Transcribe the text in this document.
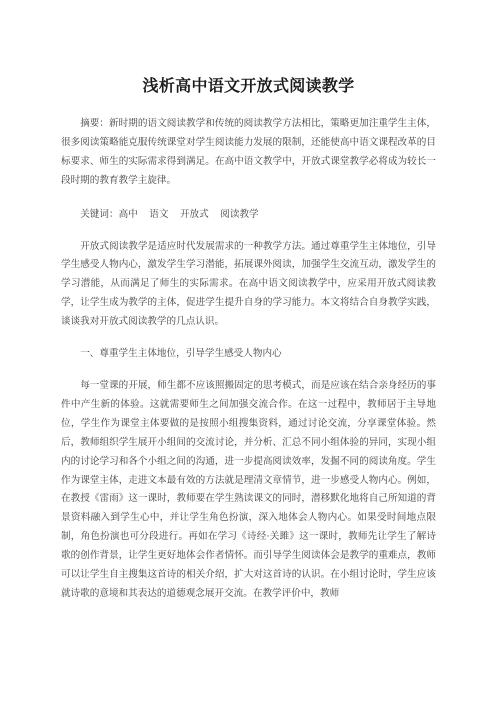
浅析高中语文开放式阅读教学

摘要：新时期的语文阅读教学和传统的阅读教学方法相比，策略更加注重学生主体，很多阅读策略能克服传统课堂对学生阅读能力发展的限制，还能使高中语文课程改革的目标要求、师生的实际需求得到满足。在高中语文教学中，开放式课堂教学必将成为较长一段时期的教育教学主旋律。

关键词：高中 语文 开放式 阅读教学

开放式阅读教学是适应时代发展需求的一种教学方法。通过尊重学生主体地位，引导学生感受人物内心，激发学生学习潜能，拓展课外阅读，加强学生交流互动，激发学生的学习潜能，从而满足了师生的实际需求。在高中语文阅读教学中，应采用开放式阅读教学，让学生成为教学的主体，促进学生提升自身的学习能力。本文将结合自身教学实践，谈谈我对开放式阅读教学的几点认识。

一、尊重学生主体地位，引导学生感受人物内心

每一堂课的开展，师生都不应该照搬固定的思考模式，而是应该在结合亲身经历的事件中产生新的体验。这就需要师生之间加强交流合作。在这一过程中，教师居于主导地位，学生作为课堂主体要做的是按照小组搜集资料，通过讨论交流，分享课堂体验。然后，教师组织学生展开小组间的交流讨论，并分析、汇总不同小组体验的异同，实现小组内的讨论学习和各个小组之间的沟通，进一步提高阅读效率，发掘不同的阅读角度。学生作为课堂主体，走进文本最有效的方法就是理清文章情节，进一步感受人物内心。例如，在教授《雷雨》这一课时，教师要在学生熟读课文的同时，潜移默化地将自己所知道的背景资料融入到学生心中，并让学生角色扮演，深入地体会人物内心。如果受时间地点限制，角色扮演也可分段进行。再如在学习《诗经·关雎》这一课时，教师先让学生了解诗歌的创作背景，让学生更好地体会作者情怀。而引导学生阅读体会是教学的重难点，教师可以让学生自主搜集这首诗的相关介绍，扩大对这首诗的认识。在小组讨论时，学生应该就诗歌的意境和其表达的道德观念展开交流。在教学评价中，教师
